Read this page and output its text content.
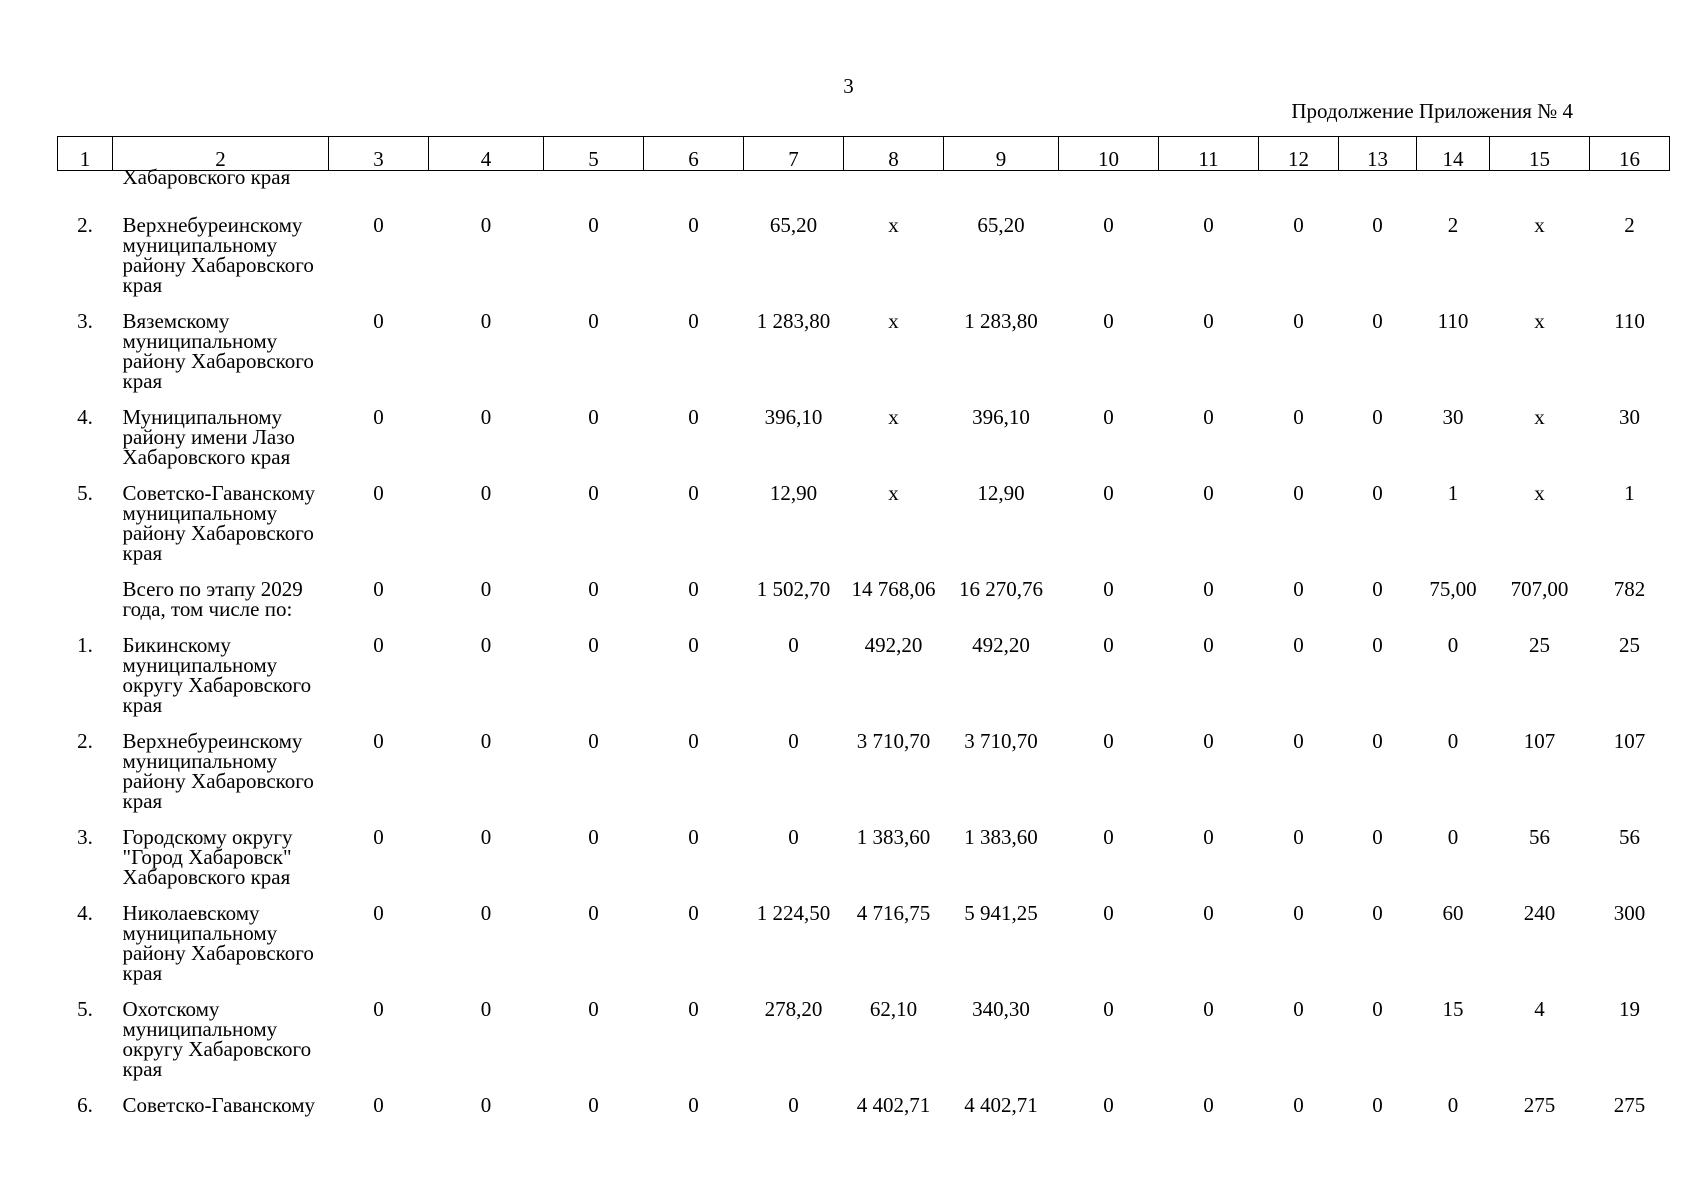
3
Продолжение Приложения № 4
1	2	3	4	5	6	7	8	9	10	11	12	13	14	15	16
	Хабаровского края														
2.	Верхнебуреинскому муниципальному району Хабаровского края	0	0	0	0	65,20	х	65,20	0	0	0	0	2	х	2
3.	Вяземскому муниципальному району Хабаровского края	0	0	0	0	1 283,80	х	1 283,80	0	0	0	0	110	х	110
4.	Муниципальному району имени Лазо Хабаровского края	0	0	0	0	396,10	х	396,10	0	0	0	0	30	х	30
5.	Советско-Гаванскому муниципальному району Хабаровского края	0	0	0	0	12,90	х	12,90	0	0	0	0	1	х	1
	Всего по этапу 2029 года, том числе по:	0	0	0	0	1 502,70	14 768,06	16 270,76	0	0	0	0	75,00	707,00	782
1.	Бикинскому муниципальному округу Хабаровского края	0	0	0	0	0	492,20	492,20	0	0	0	0	0	25	25
2.	Верхнебуреинскому муниципальному району Хабаровского края	0	0	0	0	0	3 710,70	3 710,70	0	0	0	0	0	107	107
3.	Городскому округу "Город Хабаровск" Хабаровского края	0	0	0	0	0	1 383,60	1 383,60	0	0	0	0	0	56	56
4.	Николаевскому муниципальному району Хабаровского края	0	0	0	0	1 224,50	4 716,75	5 941,25	0	0	0	0	60	240	300
5.	Охотскому муниципальному округу Хабаровского края	0	0	0	0	278,20	62,10	340,30	0	0	0	0	15	4	19
6.	Советско-Гаванскому	0	0	0	0	0	4 402,71	4 402,71	0	0	0	0	0	275	275
